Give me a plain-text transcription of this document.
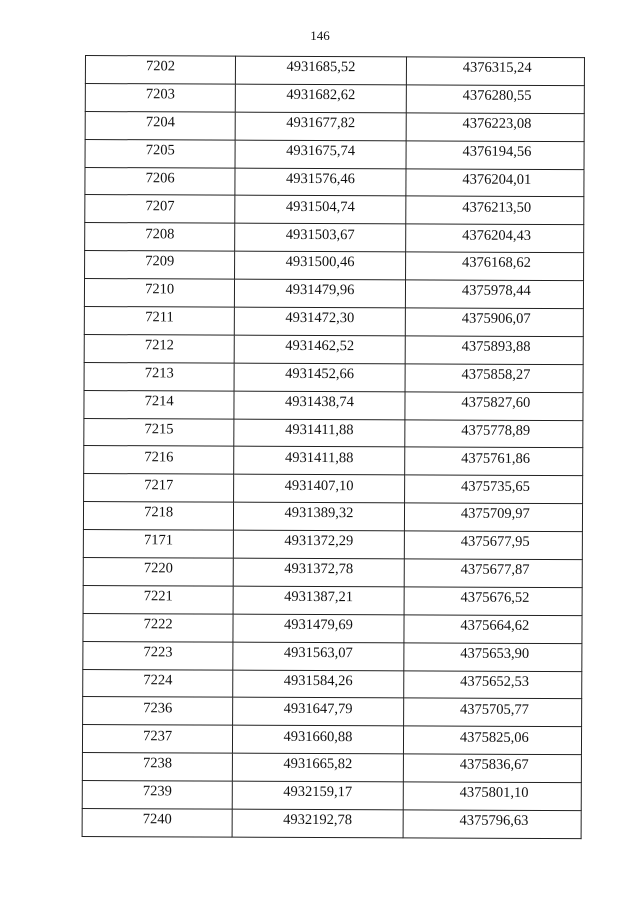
146
7202	4931685,52	4376315,24
7203	4931682,62	4376280,55
7204	4931677,82	4376223,08
7205	4931675,74	4376194,56
7206	4931576,46	4376204,01
7207	4931504,74	4376213,50
7208	4931503,67	4376204,43
7209	4931500,46	4376168,62
7210	4931479,96	4375978,44
7211	4931472,30	4375906,07
7212	4931462,52	4375893,88
7213	4931452,66	4375858,27
7214	4931438,74	4375827,60
7215	4931411,88	4375778,89
7216	4931411,88	4375761,86
7217	4931407,10	4375735,65
7218	4931389,32	4375709,97
7171	4931372,29	4375677,95
7220	4931372,78	4375677,87
7221	4931387,21	4375676,52
7222	4931479,69	4375664,62
7223	4931563,07	4375653,90
7224	4931584,26	4375652,53
7236	4931647,79	4375705,77
7237	4931660,88	4375825,06
7238	4931665,82	4375836,67
7239	4932159,17	4375801,10
7240	4932192,78	4375796,63
